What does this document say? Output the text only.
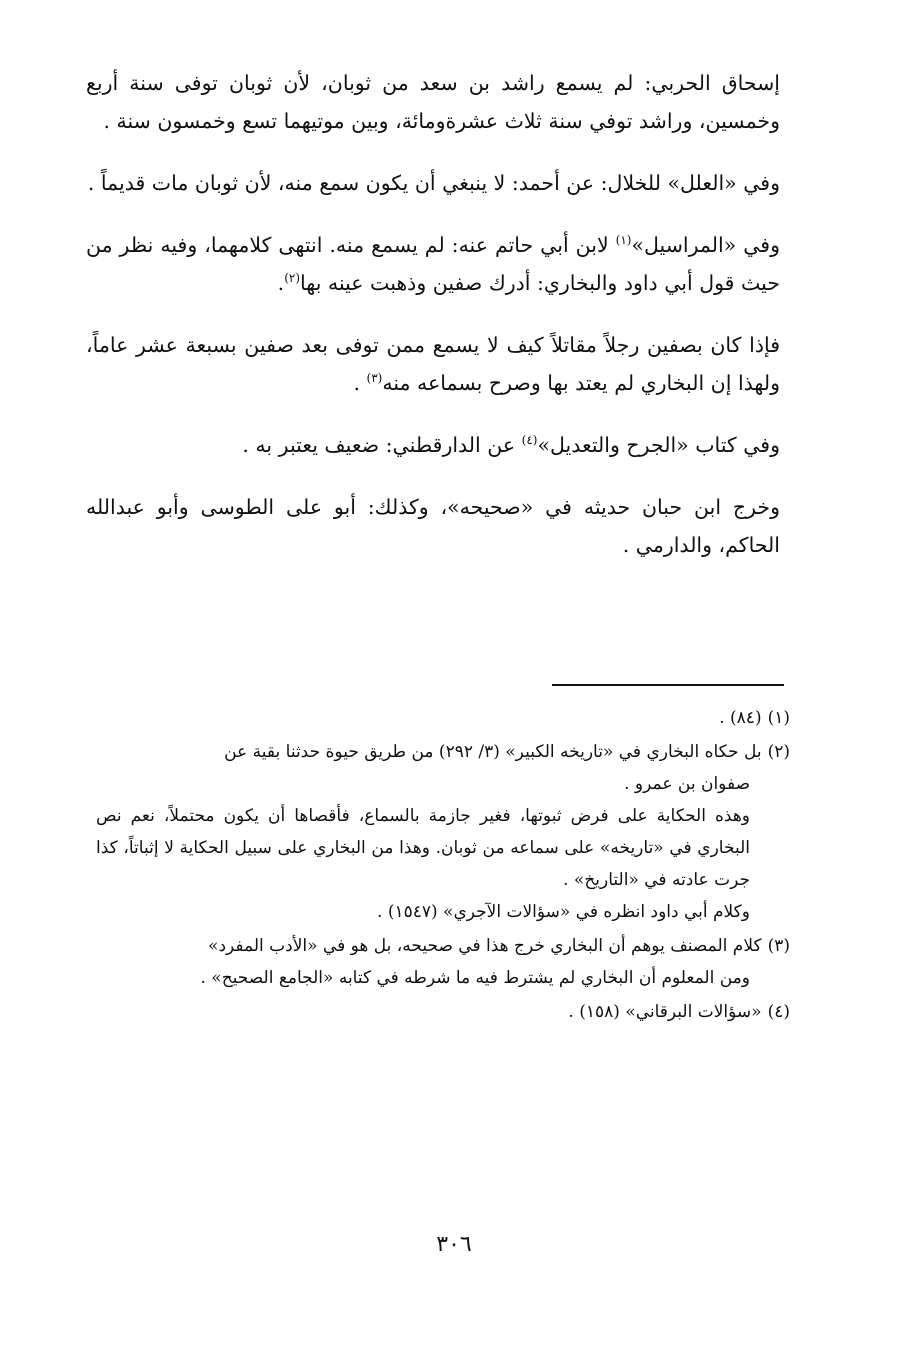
إسحاق الحربي: لم يسمع راشد بن سعد من ثوبان، لأن ثوبان توفى سنة أربع وخمسين، وراشد توفي سنة ثلاث عشرةومائة، وبين موتيهما تسع وخمسون سنة .

وفي «العلل» للخلال: عن أحمد: لا ينبغي أن يكون سمع منه، لأن ثوبان مات قديماً .

وفي «المراسيل»$^{(١)}$ لابن أبي حاتم عنه: لم يسمع منه. انتهى كلامهما، وفيه نظر من حيث قول أبي داود والبخاري: أدرك صفين وذهبت عينه بها$^{(٢)}$.

فإذا كان بصفين رجلاً مقاتلاً كيف لا يسمع ممن توفى بعد صفين بسبعة عشر عاماً، ولهذا إن البخاري لم يعتد بها وصرح بسماعه منه$^{(٣)}$ .

وفي كتاب «الجرح والتعديل»$^{(٤)}$ عن الدارقطني: ضعيف يعتبر به .

وخرج ابن حبان حديثه في «صحيحه»، وكذلك: أبو على الطوسى وأبو عبدالله الحاكم، والدارمي .

(١)(٨٤) .

(٢)بل حكاه البخاري في «تاريخه الكبير» (٣/ ٢٩٢) من طريق حيوة حدثنا بقية عن

صفوان بن عمرو .

وهذه الحكاية على فرض ثبوتها، فغير جازمة بالسماع، فأقصاها أن يكون محتملاً، نعم نص البخاري في «تاريخه» على سماعه من ثوبان. وهذا من البخاري على سبيل الحكاية لا إثباتاً، كذا جرت عادته في «التاريخ» .

وكلام أبي داود انظره في «سؤالات الآجري» (١٥٤٧) .

(٣)كلام المصنف يوهم أن البخاري خرج هذا في صحيحه، بل هو في «الأدب المفرد»

ومن المعلوم أن البخاري لم يشترط فيه ما شرطه في كتابه «الجامع الصحيح» .

(٤)«سؤالات البرقاني» (١٥٨) .

٣٠٦
